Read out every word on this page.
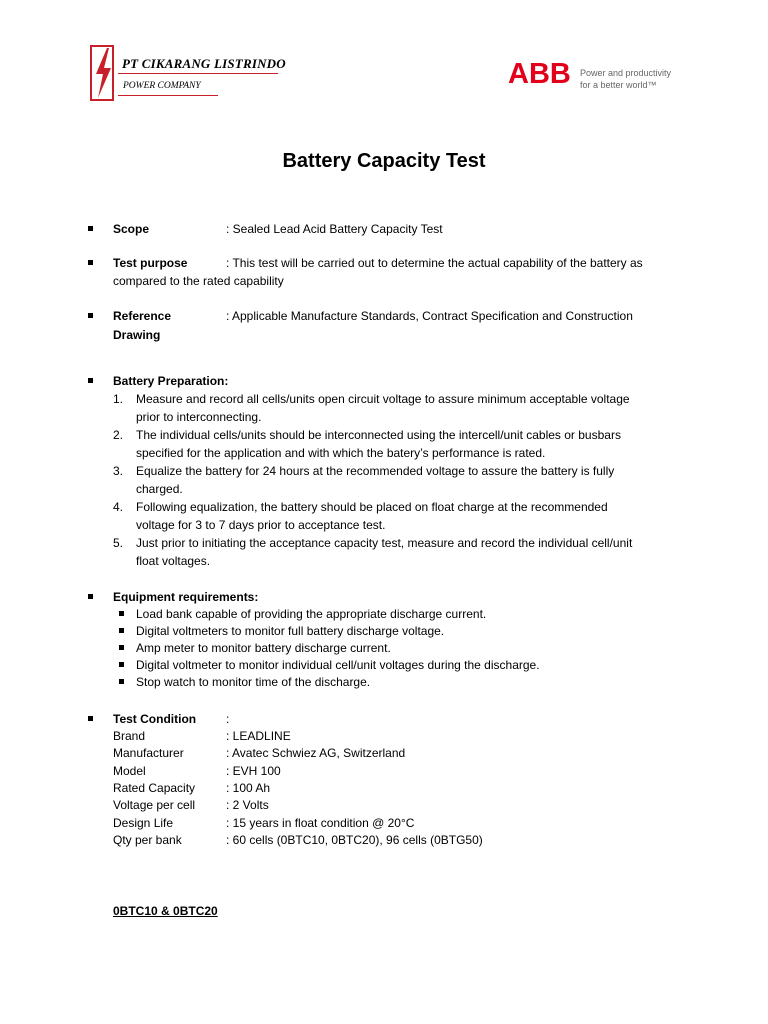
PT CIKARANG LISTRINDO
POWER COMPANY	ABB Power and productivity
for a better world™
Battery Capacity Test
Scope	: Sealed Lead Acid Battery Capacity Test
Test purpose	: This test will be carried out to determine the actual capability of the battery as
compared to the rated capability
Reference	: Applicable Manufacture Standards, Contract Specification and Construction
Drawing
Battery Preparation:
1. Measure and record all cells/units open circuit voltage to assure minimum acceptable voltage
prior to interconnecting.
2. The individual cells/units should be interconnected using the intercell/unit cables or busbars
specified for the application and with which the batery’s performance is rated.
3. Equalize the battery for 24 hours at the recommended voltage to assure the battery is fully
charged.
4. Following equalization, the battery should be placed on float charge at the recommended
voltage for 3 to 7 days prior to acceptance test.
5. Just prior to initiating the acceptance capacity test, measure and record the individual cell/unit
float voltages.
Equipment requirements:
Load bank capable of providing the appropriate discharge current.
Digital voltmeters to monitor full battery discharge voltage.
Amp meter to monitor battery discharge current.
Digital voltmeter to monitor individual cell/unit voltages during the discharge.
Stop watch to monitor time of the discharge.
Test Condition :
Brand	: LEADLINE
Manufacturer	: Avatec Schwiez AG, Switzerland
Model	: EVH 100
Rated Capacity	: 100 Ah
Voltage per cell	: 2 Volts
Design Life	: 15 years in float condition @ 20°C
Qty per bank	: 60 cells (0BTC10, 0BTC20), 96 cells (0BTG50)
0BTC10 & 0BTC20
